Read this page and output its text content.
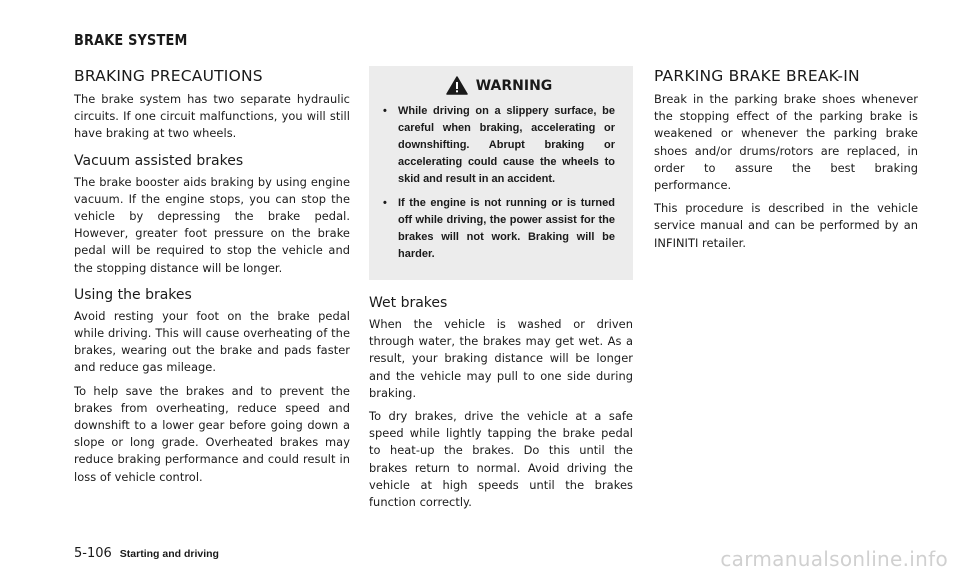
BRAKE SYSTEM
BRAKING PRECAUTIONS

The brake system has two separate hydraulic circuits. If one circuit malfunctions, you will still have braking at two wheels.

Vacuum assisted brakes

The brake booster aids braking by using engine vacuum. If the engine stops, you can stop the vehicle by depressing the brake pedal. However, greater foot pressure on the brake pedal will be required to stop the vehicle and the stopping distance will be longer.

Using the brakes

Avoid resting your foot on the brake pedal while driving. This will cause overheating of the brakes, wearing out the brake and pads faster and reduce gas mileage.

To help save the brakes and to prevent the brakes from overheating, reduce speed and downshift to a lower gear before going down a slope or long grade. Overheated brakes may reduce braking performance and could result in loss of vehicle control.

WARNING
• While driving on a slippery surface, be careful when braking, accelerating or downshifting. Abrupt braking or accelerating could cause the wheels to skid and result in an accident.
• If the engine is not running or is turned off while driving, the power assist for the brakes will not work. Braking will be harder.
Wet brakes

When the vehicle is washed or driven through water, the brakes may get wet. As a result, your braking distance will be longer and the vehicle may pull to one side during braking.

To dry brakes, drive the vehicle at a safe speed while lightly tapping the brake pedal to heat-up the brakes. Do this until the brakes return to normal. Avoid driving the vehicle at high speeds until the brakes function correctly.

PARKING BRAKE BREAK-IN

Break in the parking brake shoes whenever the stopping effect of the parking brake is weakened or whenever the parking brake shoes and/or drums/rotors are replaced, in order to assure the best braking performance.

This procedure is described in the vehicle service manual and can be performed by an INFINITI retailer.

5-106 Starting and driving	carmanualsonline.info
